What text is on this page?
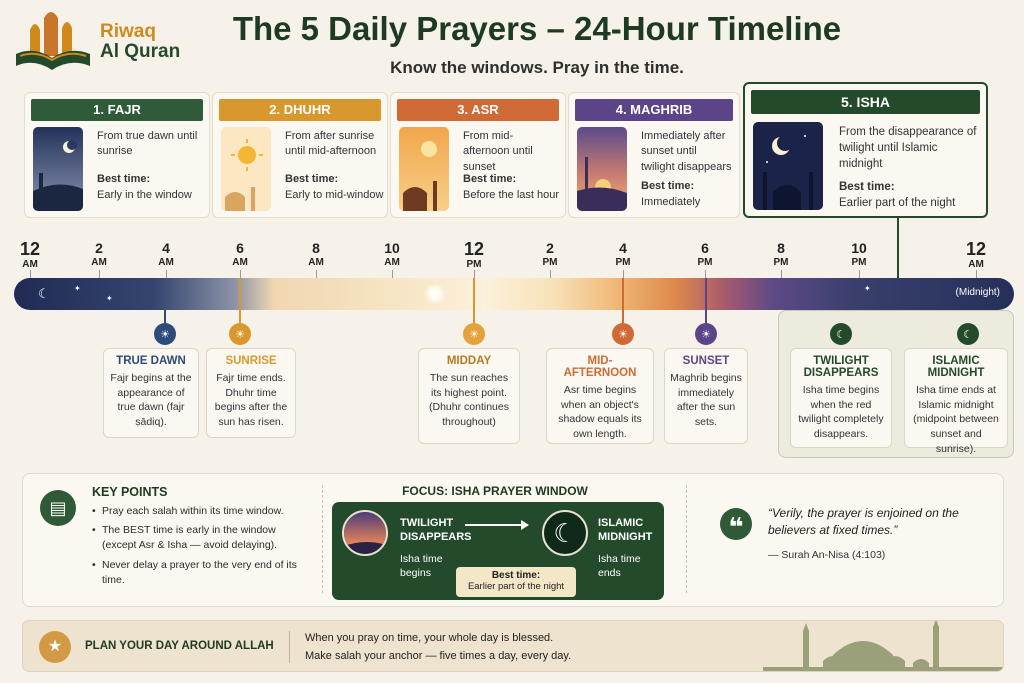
Riwaq
Al Quran
The 5 Daily Prayers – 24-Hour Timeline
Know the windows. Pray in the time.
1. FAJR
From true dawn until sunrise
Best time:
Early in the window
2. DHUHR
From after sunrise until mid-afternoon
Best time:
Early to mid-window
3. ASR
From mid-afternoon until sunset
Best time:
Before the last hour
4. MAGHRIB
Immediately after sunset until twilight disappears
Best time:
Immediately
5. ISHA
From the disappearance of twilight until Islamic midnight
Best time:
Earlier part of the night
12
AM
2
AM
4
AM
6
AM
8
AM
10
AM
12
PM
2
PM
4
PM
6
PM
8
PM
10
PM
12
AM
☾	✦
✦
✦	(Midnight)
☀	☀	☀	☀	☀	☾	☾
TRUE DAWN
Fajr begins at the appearance of true dawn (fajr ṣādiq).
SUNRISE
Fajr time ends. Dhuhr time begins after the sun has risen.
MIDDAY
The sun reaches its highest point. (Dhuhr continues throughout)
MID-AFTERNOON
Asr time begins when an object's shadow equals its own length.
SUNSET
Maghrib begins immediately after the sun sets.
TWILIGHT DISAPPEARS
Isha time begins when the red twilight completely disappears.
ISLAMIC MIDNIGHT
Isha time ends at Islamic midnight (midpoint between sunset and sunrise).
▤
KEY POINTS
• Pray each salah within its time window.
• The BEST time is early in the window (except Asr & Isha — avoid delaying).
• Never delay a prayer to the very end of its time.
FOCUS: ISHA PRAYER WINDOW
TWILIGHT DISAPPEARS	☾	ISLAMIC MIDNIGHT
Isha time begins
Isha time ends
Best time:
Earlier part of the night
❝	“Verily, the prayer is enjoined on the believers at fixed times.”
— Surah An-Nisa (4:103)
★	PLAN YOUR DAY AROUND ALLAH
When you pray on time, your whole day is blessed.
Make salah your anchor — five times a day, every day.
